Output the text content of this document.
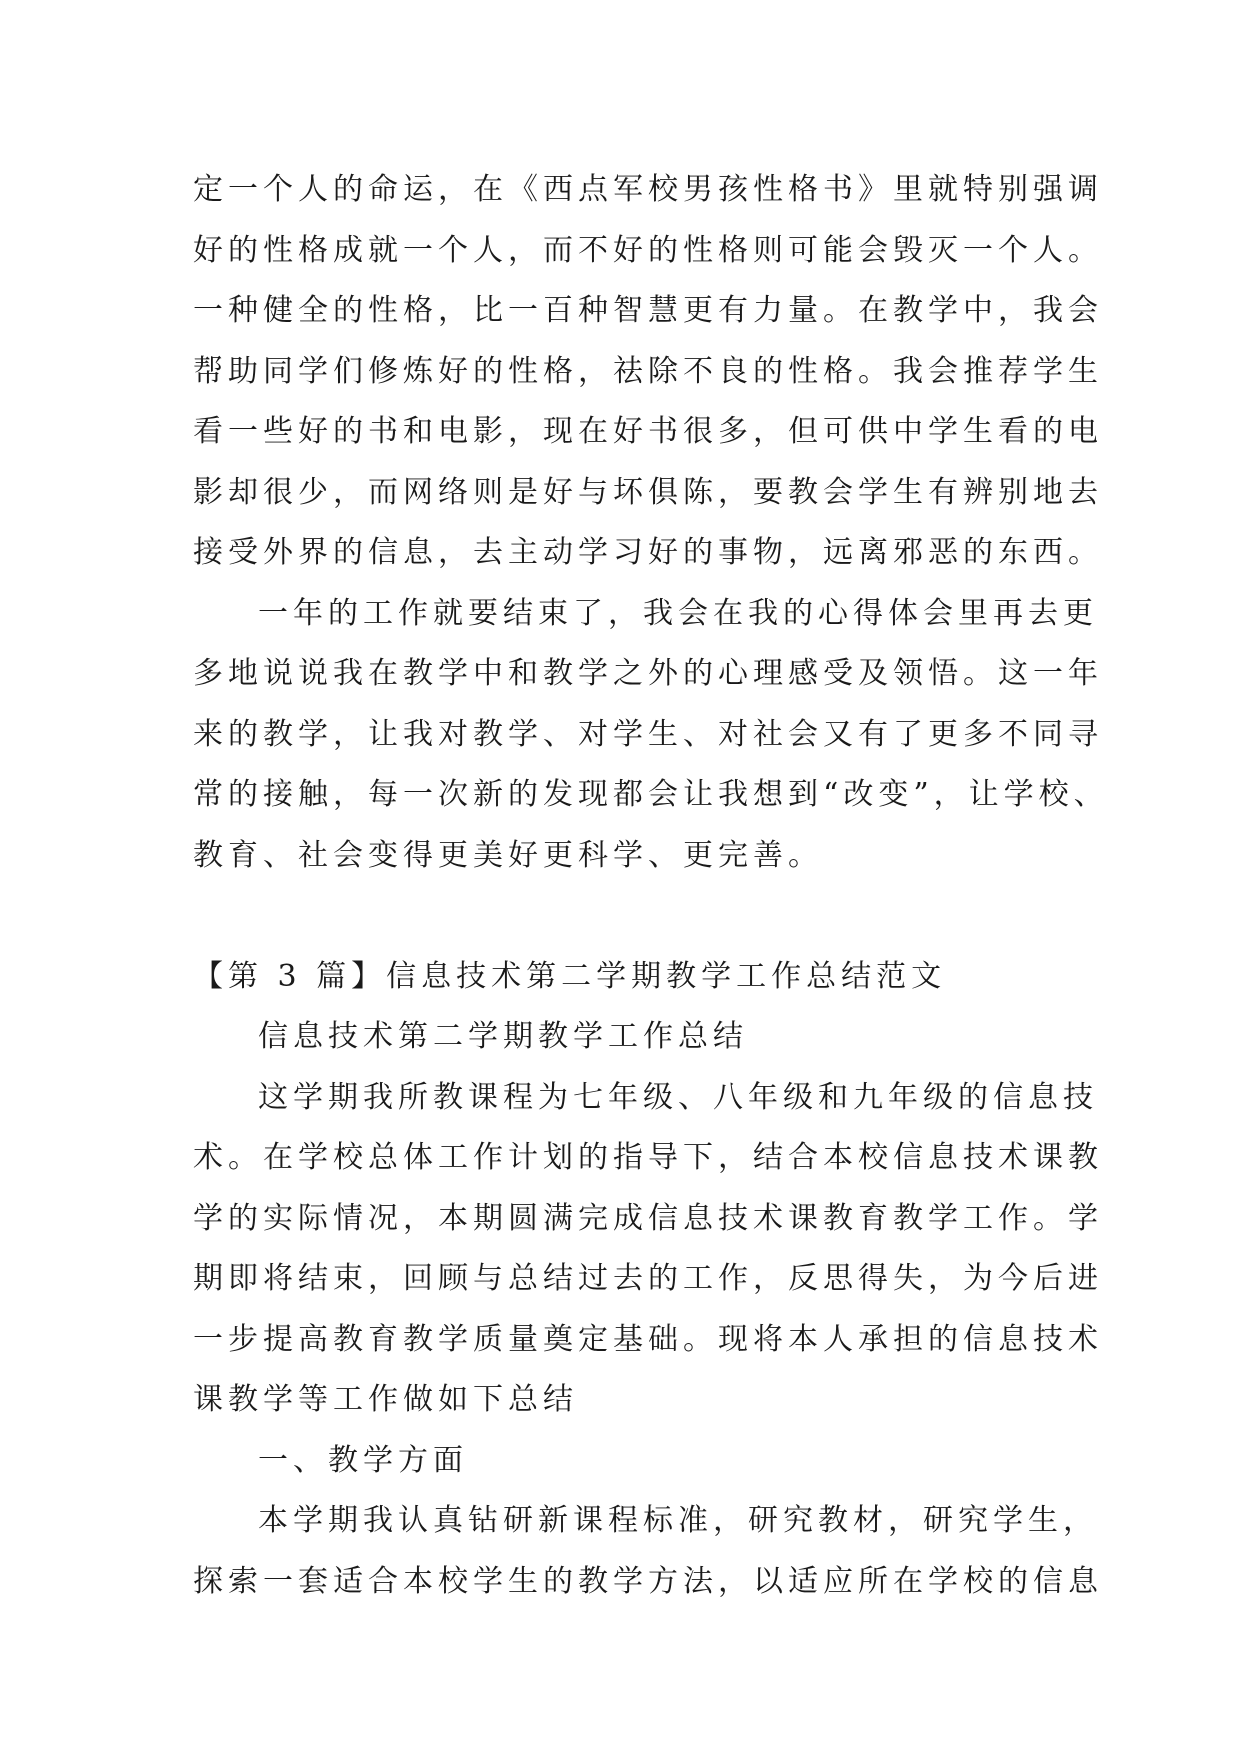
定一个人的命运，在《西点军校男孩性格书》里就特别强调
好的性格成就一个人，而不好的性格则可能会毁灭一个人。
一种健全的性格，比一百种智慧更有力量。在教学中，我会
帮助同学们修炼好的性格，祛除不良的性格。我会推荐学生
看一些好的书和电影，现在好书很多，但可供中学生看的电
影却很少，而网络则是好与坏俱陈，要教会学生有辨别地去
接受外界的信息，去主动学习好的事物，远离邪恶的东西。
一年的工作就要结束了，我会在我的心得体会里再去更
多地说说我在教学中和教学之外的心理感受及领悟。这一年
来的教学，让我对教学、对学生、对社会又有了更多不同寻
常的接触，每一次新的发现都会让我想到“改变”，让学校、
教育、社会变得更美好更科学、更完善。
【第 3 篇】信息技术第二学期教学工作总结范文
信息技术第二学期教学工作总结
这学期我所教课程为七年级、八年级和九年级的信息技
术。在学校总体工作计划的指导下，结合本校信息技术课教
学的实际情况，本期圆满完成信息技术课教育教学工作。学
期即将结束，回顾与总结过去的工作，反思得失，为今后进
一步提高教育教学质量奠定基础。现将本人承担的信息技术
课教学等工作做如下总结
一、教学方面
本学期我认真钻研新课程标准，研究教材，研究学生，
探索一套适合本校学生的教学方法，以适应所在学校的信息
